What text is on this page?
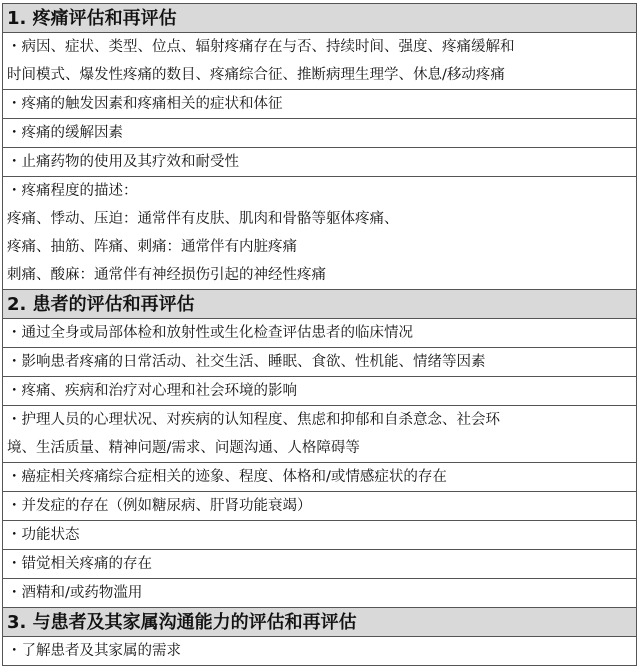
1. 疼痛评估和再评估
・病因、症状、类型、位点、辐射疼痛存在与否、持续时间、强度、疼痛缓解和
时间模式、爆发性疼痛的数目、疼痛综合征、推断病理生理学、休息/移动疼痛
・疼痛的触发因素和疼痛相关的症状和体征
・疼痛的缓解因素
・止痛药物的使用及其疗效和耐受性
・疼痛程度的描述：
疼痛、悸动、压迫：通常伴有皮肤、肌肉和骨骼等躯体疼痛、
疼痛、抽筋、阵痛、刺痛：通常伴有内脏疼痛
刺痛、酸麻：通常伴有神经损伤引起的神经性疼痛
2. 患者的评估和再评估
・通过全身或局部体检和放射性或生化检查评估患者的临床情况
・影响患者疼痛的日常活动、社交生活、睡眠、食欲、性机能、情绪等因素
・疼痛、疾病和治疗对心理和社会环境的影响
・护理人员的心理状况、对疾病的认知程度、焦虑和抑郁和自杀意念、社会环
境、生活质量、精神问题/需求、问题沟通、人格障碍等
・癌症相关疼痛综合症相关的迹象、程度、体格和/或情感症状的存在
・并发症的存在（例如糖尿病、肝肾功能衰竭）
・功能状态
・错觉相关疼痛的存在
・酒精和/或药物滥用
3. 与患者及其家属沟通能力的评估和再评估
・了解患者及其家属的需求
